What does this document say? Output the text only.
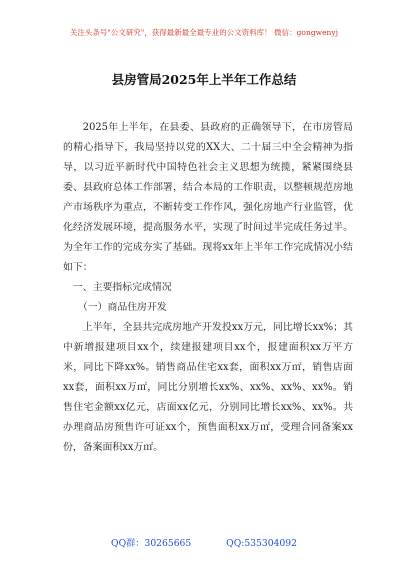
关注头条号"公文研究"，获得最新最全最专业的公文资料库！ 微信：gongwenyj
县房管局2025年上半年工作总结

2025年上半年，在县委、县政府的正确领导下，在市房管局的精心指导下，我局坚持以党的XX大、二十届三中全会精神为指导，以习近平新时代中国特色社会主义思想为统揽，紧紧围绕县委、县政府总体工作部署，结合本局的工作职责，以整顿规范房地产市场秩序为重点，不断转变工作作风，强化房地产行业监管，优化经济发展环境，提高服务水平，实现了时间过半完成任务过半。为全年工作的完成夯实了基础。现将xx年上半年工作完成情况小结如下：

一、主要指标完成情况

（一）商品住房开发

上半年，全县共完成房地产开发投xx万元，同比增长xx%；其中新增报建项目xx个，续建报建项目xx个，报建面积xx万平方米，同比下降xx%。销售商品住宅xx套，面积xx万㎡，销售店面xx套，面积xx万㎡，同比分别增长xx%、xx%、xx%、xx%。销售住宅金额xx亿元，店面xx亿元，分别同比增长xx%、xx%。共办理商品房预售许可证xx个，预售面积xx万㎡，受理合同备案xx份，备案面积xx万㎡。

QQ群：30265665	QQ:535304092
